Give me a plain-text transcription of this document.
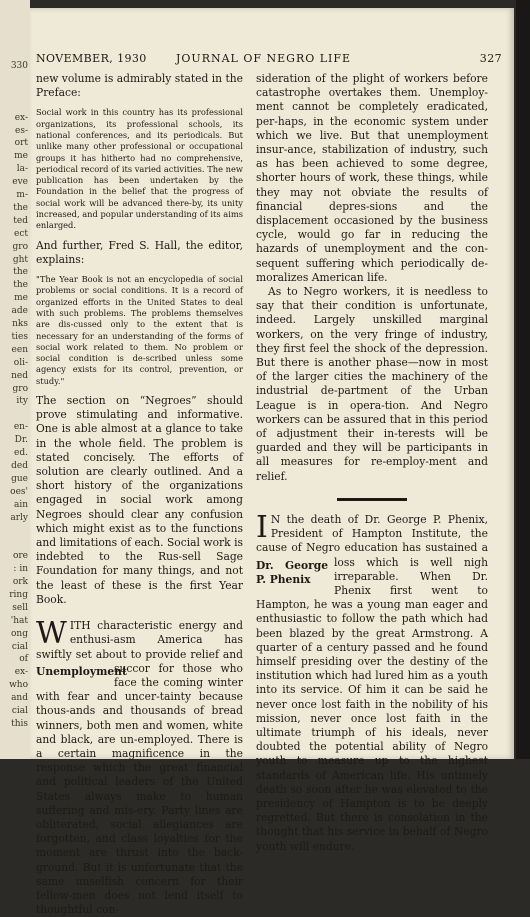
330
ex-
es-
ort
me
la-
eve
m-
the
ted
ect
gro
ght
the
the
me
ade
nks
ties
een
oli-
ned
gro
ity
en-
Dr.
ed.
ded
gue
oes'
ain
arly
ore
: in
ork
ring
sell
'hat
ong
cial
of
ex-
who
and
cial
this
NOVEMBER, 1930	JOURNAL OF NEGRO LIFE	327

new volume is admirably stated in the Preface:

Social work in this country has its professional organizations, its professional schools, its national conferences, and its periodicals. But unlike many other professional or occupational groups it has hitherto had no comprehensive, periodical record of its varied activities. The new publication has been undertaken by the Foundation in the belief that the progress of social work will be advanced there-by, its unity increased, and popular understanding of its aims enlarged.

And further, Fred S. Hall, the editor, explains:

"The Year Book is not an encyclopedia of social problems or social conditions. It is a record of organized efforts in the United States to deal with such problems. The problems themselves are dis-cussed only to the extent that is necessary for an understanding of the forms of social work related to them. No problem or social condition is de-scribed unless some agency exists for its control, prevention, or study."

The section on “Negroes” should prove stimulating and informative. One is able almost at a glance to take in the whole field. The problem is stated concisely. The efforts of solution are clearly outlined. And a short history of the organizations engaged in social work among Negroes should clear any confusion which might exist as to the functions and limitations of each. Social work is indebted to the Rus-sell Sage Foundation for many things, and not the least of these is the first Year Book.

W ITH characteristic energy and enthusi-asm America has swiftly set about to provide relief and succor for those who
Unemployment
face the coming winter with fear and uncer-tainty because thous-ands and thousands of bread winners, both men and women, white and black, are un-employed. There is a certain magnificence in the response which the great financial and political leaders of the United States always make to human suffering and mis-ery. Party lines are obliterated, social allegiances are forgotten, and class loyalties for the moment are thrust into the back-ground. But it is unfortunate that the same unselfish concern for their fellow-men does not lend itself to thoughtful con-

sideration of the plight of workers before catastrophe overtakes them. Unemploy-ment cannot be completely eradicated, per-haps, in the economic system under which we live. But that unemployment insur-ance, stabilization of industry, such as has been achieved to some degree, shorter hours of work, these things, while they may not obviate the results of financial depres-sions and the displacement occasioned by the business cycle, would go far in reducing the hazards of unemployment and the con-sequent suffering which periodically de-moralizes American life.

As to Negro workers, it is needless to say that their condition is unfortunate, indeed. Largely unskilled marginal workers, on the very fringe of industry, they first feel the shock of the depression. But there is another phase—now in most of the larger cities the machinery of the industrial de-partment of the Urban League is in opera-tion. And Negro workers can be assured that in this period of adjustment their in-terests will be guarded and they will be participants in all measures for re-employ-ment and relief.

I N the death of Dr. George P. Phenix, President of Hampton Institute, the cause of Negro education has sustained a
Dr. George P. Phenix
loss which is well nigh irreparable. When Dr. Phenix first went to Hampton, he was a young man eager and enthusiastic to follow the path which had been blazed by the great Armstrong. A quarter of a century passed and he found himself presiding over the destiny of the institution which had lured him as a youth into its service. Of him it can be said he never once lost faith in the nobility of his mission, never once lost faith in the ultimate triumph of his ideals, never doubted the potential ability of Negro youth to measure up to the highest standards of American life. His untimely death so soon after he was elevated to the presidency of Hampton is to be deeply regretted. But there is consolation in the thought that his service in behalf of Negro youth will endure.
